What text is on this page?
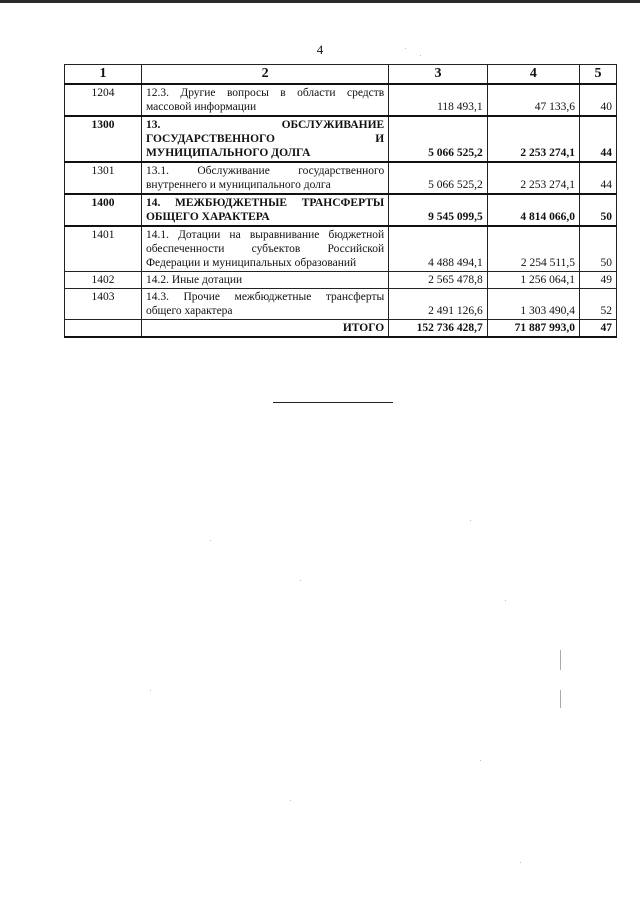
4
1	2	3	4	5
1204	12.3. Другие вопросы в области средств массовой информации	118 493,1	47 133,6	40
1300	13. ОБСЛУЖИВАНИЕ ГОСУДАРСТВЕННОГО И МУНИЦИПАЛЬНОГО ДОЛГА	5 066 525,2	2 253 274,1	44
1301	13.1. Обслуживание государственного внутреннего и муниципального долга	5 066 525,2	2 253 274,1	44
1400	14. МЕЖБЮДЖЕТНЫЕ ТРАНСФЕРТЫ ОБЩЕГО ХАРАКТЕРА	9 545 099,5	4 814 066,0	50
1401	14.1. Дотации на выравнивание бюджетной обеспеченности субъектов Российской Федерации и муниципальных образований	4 488 494,1	2 254 511,5	50
1402	14.2. Иные дотации	2 565 478,8	1 256 064,1	49
1403	14.3. Прочие межбюджетные трансферты общего характера	2 491 126,6	1 303 490,4	52
	ИТОГО	152 736 428,7	71 887 993,0	47
